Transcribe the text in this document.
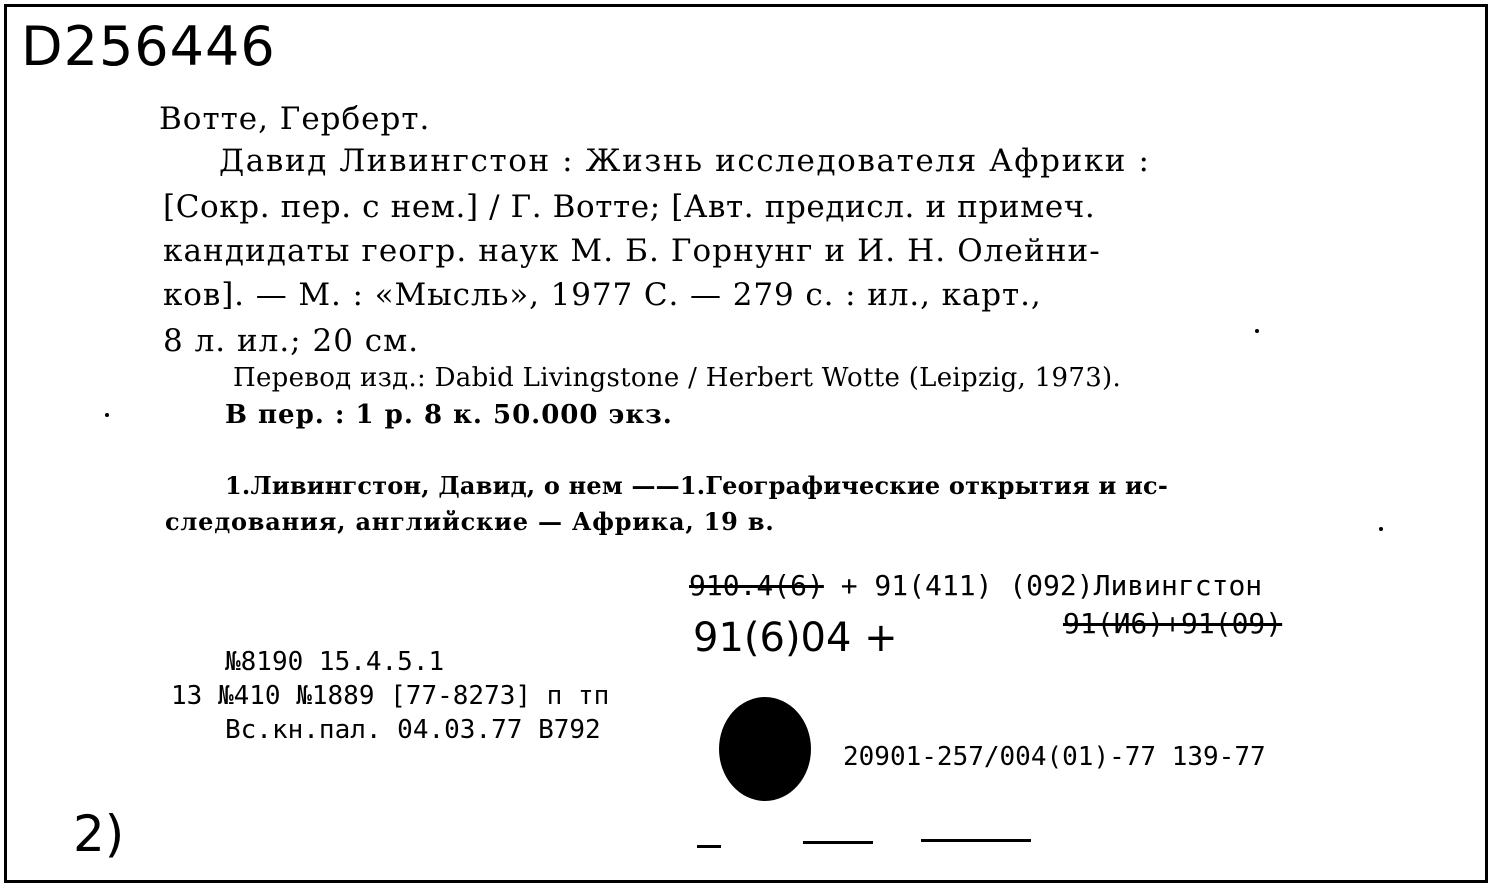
D256446
Вотте, Герберт.
Давид Ливингстон : Жизнь исследователя Африки :
[Сокр. пер. с нем.] / Г. Вотте; [Авт. предисл. и примеч.
кандидаты геогр. наук М. Б. Горнунг и И. Н. Олейни-
ков]. — М. : «Мысль», 1977 С. — 279 с. : ил., карт.,
8 л. ил.; 20 см.
Перевод изд.: Dabid Livingstone / Herbert Wotte (Leipzig, 1973).
В пер. : 1 р. 8 к. 50.000 экз.
1.Ливингстон, Давид, о нем ——1.Географические открытия и ис-
следования, английские — Африка, 19 в.
910.4(6) + 91(411) (092)Ливингстон
91(И6)+91(09)
91(6)04 +
№8190 15.4.5.1
13 №410 №1889 [77-8273] п тп
Вс.кн.пал. 04.03.77 В792
20901-257/004(01)-77 139-77
2)
